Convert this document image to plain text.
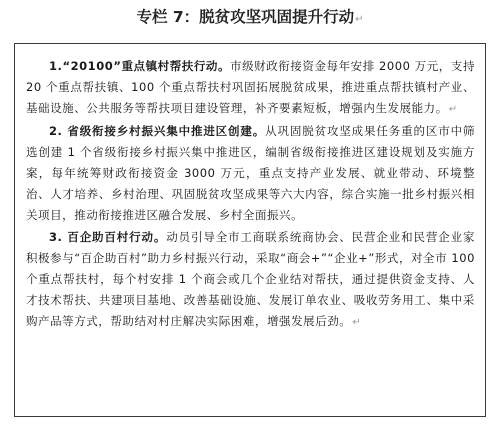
专栏 7：脱贫攻坚巩固提升行动↵

1.“20100”重点镇村帮扶行动。市级财政衔接资金每年安排 2000 万元，支持 20 个重点帮扶镇、100 个重点帮扶村巩固拓展脱贫成果，推进重点帮扶镇村产业、基础设施、公共服务等帮扶项目建设管理，补齐要素短板，增强内生发展能力。↵

2. 省级衔接乡村振兴集中推进区创建。从巩固脱贫攻坚成果任务重的区市中筛选创建 1 个省级衔接乡村振兴集中推进区，编制省级衔接推进区建设规划及实施方案，每年统筹财政衔接资金 3000 万元，重点支持产业发展、就业带动、环境整治、人才培养、乡村治理、巩固脱贫攻坚成果等六大内容，综合实施一批乡村振兴相关项目，推动衔接推进区融合发展、乡村全面振兴。

3. 百企助百村行动。动员引导全市工商联系统商协会、民营企业和民营企业家积极参与“百企助百村”助力乡村振兴行动，采取“商会+”“企业+”形式，对全市 100 个重点帮扶村，每个村安排 1 个商会或几个企业结对帮扶，通过提供资金支持、人才技术帮扶、共建项目基地、改善基础设施、发展订单农业、吸收劳务用工、集中采购产品等方式，帮助结对村庄解决实际困难，增强发展后劲。↵
